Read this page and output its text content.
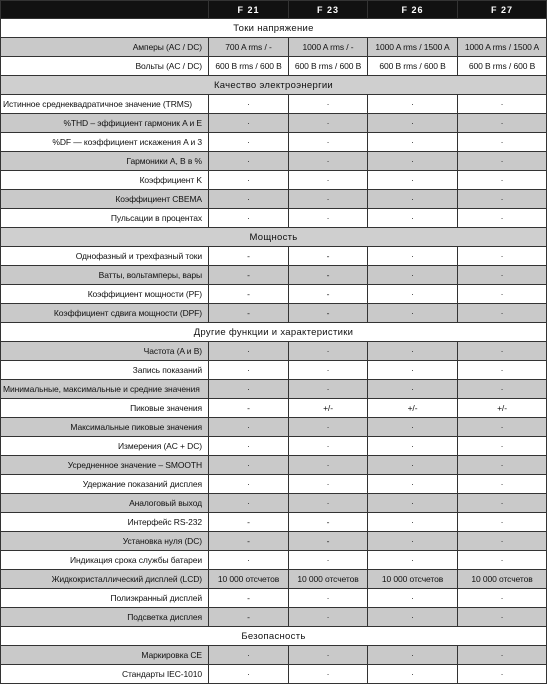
	F 21	F 23	F 26	F 27
Токи напряжение				
Амперы (AC / DC)	700 A rms / -	1000 A rms / -	1000 A rms / 1500 A	1000 A rms / 1500 A
Вольты (AC / DC)	600 B rms / 600 B	600 B rms / 600 B	600 B rms / 600 B	600 B rms / 600 B
Качество электроэнергии				
Истинное среднеквадратичное значение (TRMS)	·	·	·	·
%THD – эффициент гармоник A и E	·	·	·	·
%DF — коэффициент искажения A и 3	·	·	·	·
Гармоники A, B в %	·	·	·	·
Коэффициент K	·	·	·	·
Коэффициент CBEMA	·	·	·	·
Пульсации в процентах	·	·	·	·
Мощность				
Однофазный и трехфазный токи	-	-	·	·
Ватты, вольтамперы, вары	-	-	·	·
Коэффициент мощности (PF)	-	-	·	·
Коэффициент сдвига мощности (DPF)	-	-	·	·
Другие функции и характеристики				
Частота (A и B)	·	·	·	·
Запись показаний	·	·	·	·
Минимальные, максимальные и средние значения	·	·	·	·
Пиковые значения	-	+/-	+/-	+/-
Максимальные пиковые значения	·	·	·	·
Измерения (AC + DC)	·	·	·	·
Усредненное значение – SMOOTH	·	·	·	·
Удержание показаний дисплея	·	·	·	·
Аналоговый выход	·	·	·	·
Интерфейс RS-232	-	-	·	·
Установка нуля (DC)	-	-	·	·
Индикация срока службы батареи	·	·	·	·
Жидкокристаллический дисплей (LCD)	10 000 отсчетов	10 000 отсчетов	10 000 отсчетов	10 000 отсчетов
Полиэкранный дисплей	-	·	·	·
Подсветка дисплея	-	·	·	·
Безопасность				
Маркировка CE	·	·	·	·
Стандарты IEC-1010	·	·	·	·
